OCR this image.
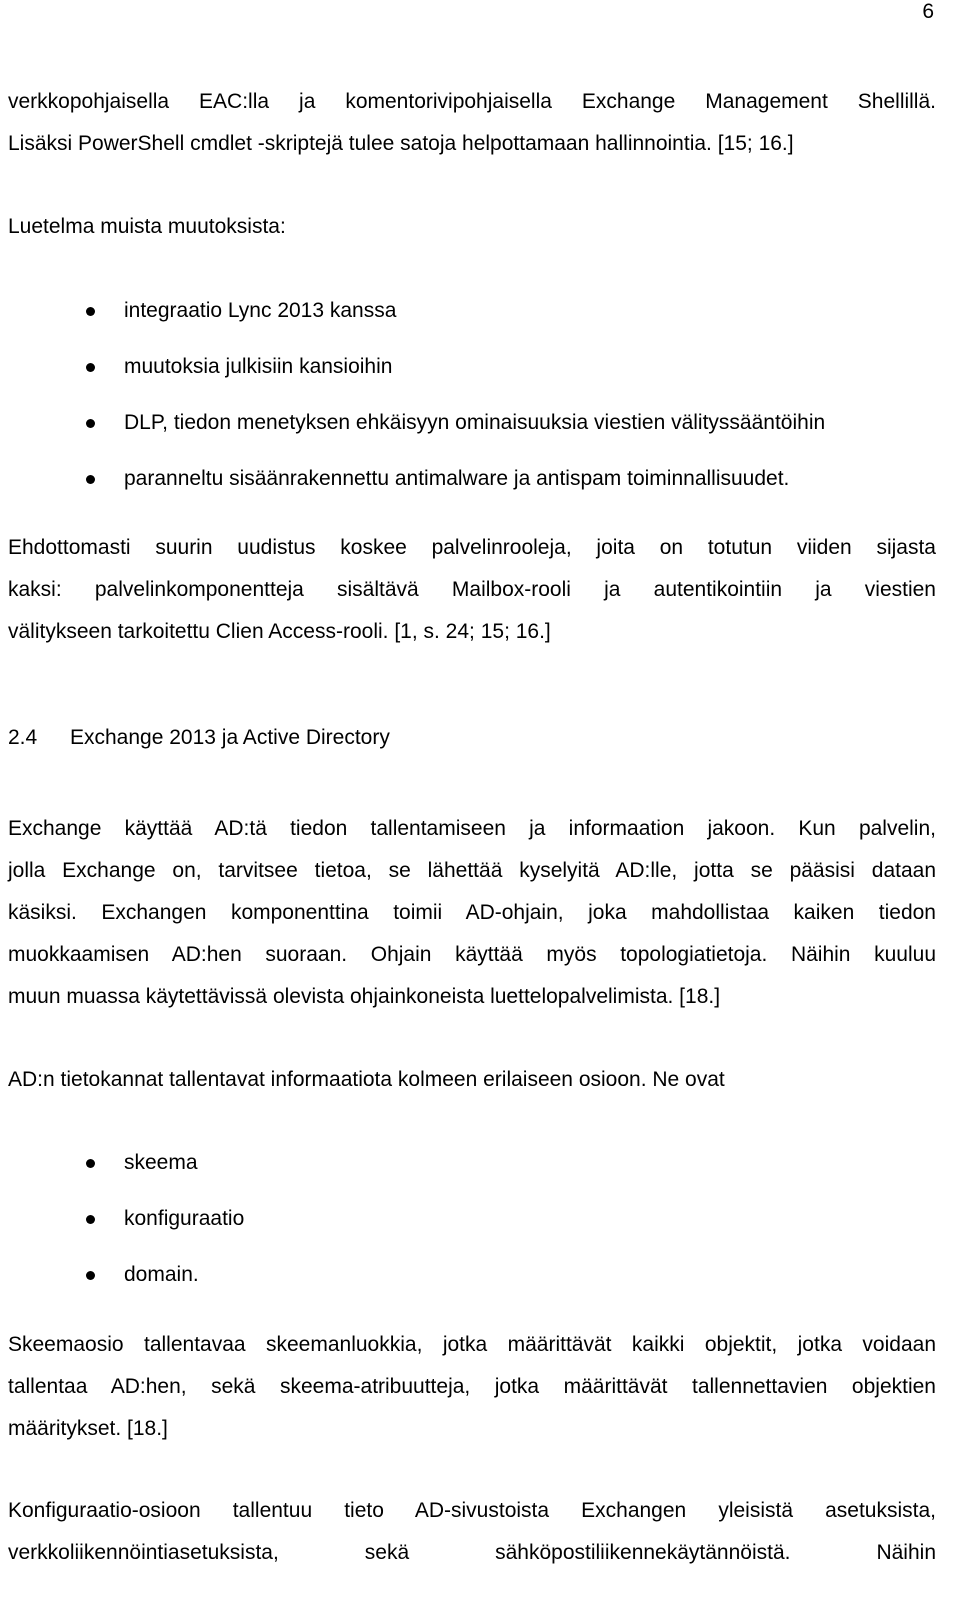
6
verkkopohjaisella EAC:lla ja komentorivipohjaisella Exchange Management Shellillä.
Lisäksi PowerShell cmdlet -skriptejä tulee satoja helpottamaan hallinnointia. [15; 16.]
Luetelma muista muutoksista:
integraatio Lync 2013 kanssa
muutoksia julkisiin kansioihin
DLP, tiedon menetyksen ehkäisyyn ominaisuuksia viestien välityssääntöihin
paranneltu sisäänrakennettu antimalware ja antispam toiminnallisuudet.
Ehdottomasti suurin uudistus koskee palvelinrooleja, joita on totutun viiden sijasta
kaksi: palvelinkomponentteja sisältävä Mailbox-rooli ja autentikointiin ja viestien
välitykseen tarkoitettu Clien Access-rooli. [1, s. 24; 15; 16.]
2.4 Exchange 2013 ja Active Directory
Exchange käyttää AD:tä tiedon tallentamiseen ja informaation jakoon. Kun palvelin,
jolla Exchange on, tarvitsee tietoa, se lähettää kyselyitä AD:lle, jotta se pääsisi dataan
käsiksi. Exchangen komponenttina toimii AD-ohjain, joka mahdollistaa kaiken tiedon
muokkaamisen AD:hen suoraan. Ohjain käyttää myös topologiatietoja. Näihin kuuluu
muun muassa käytettävissä olevista ohjainkoneista luettelopalvelimista. [18.]
AD:n tietokannat tallentavat informaatiota kolmeen erilaiseen osioon. Ne ovat
skeema
konfiguraatio
domain.
Skeemaosio tallentavaa skeemanluokkia, jotka määrittävät kaikki objektit, jotka voidaan
tallentaa AD:hen, sekä skeema-atribuutteja, jotka määrittävät tallennettavien objektien
määritykset. [18.]
Konfiguraatio-osioon tallentuu tieto AD-sivustoista Exchangen yleisistä asetuksista,
verkkoliikennöintiasetuksista, sekä sähköpostiliikennekäytännöistä. Näihin
